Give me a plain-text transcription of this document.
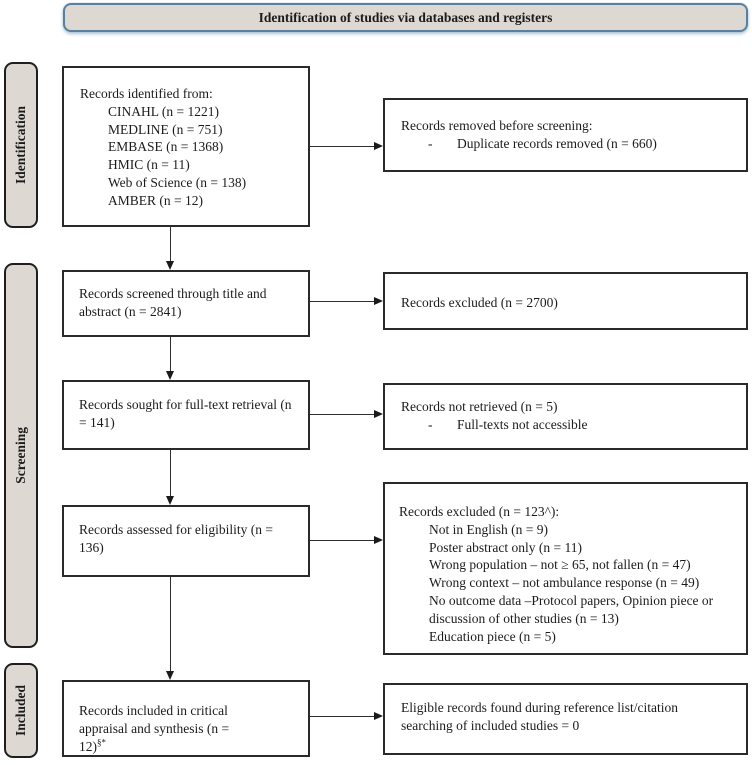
Identification of studies via databases and registers
Identification
Screening
Included
Records identified from:
CINAHL (n = 1221)
MEDLINE (n = 751)
EMBASE (n = 1368)
HMIC (n = 11)
Web of Science (n = 138)
AMBER (n = 12)
Records screened through title and abstract (n = 2841)
Records sought for full-text retrieval (n = 141)
Records assessed for eligibility (n = 136)
Records included in critical appraisal and synthesis (n = 12)§*
Records removed before screening:
-	Duplicate records removed (n = 660)
Records excluded (n = 2700)
Records not retrieved (n = 5)
-	Full-texts not accessible
Records excluded (n = 123^):
Not in English (n = 9)
Poster abstract only (n = 11)
Wrong population – not ≥ 65, not fallen (n = 47)
Wrong context – not ambulance response (n = 49)
No outcome data –Protocol papers, Opinion piece or discussion of other studies (n = 13)
Education piece (n = 5)
Eligible records found during reference list/citation searching of included studies = 0
